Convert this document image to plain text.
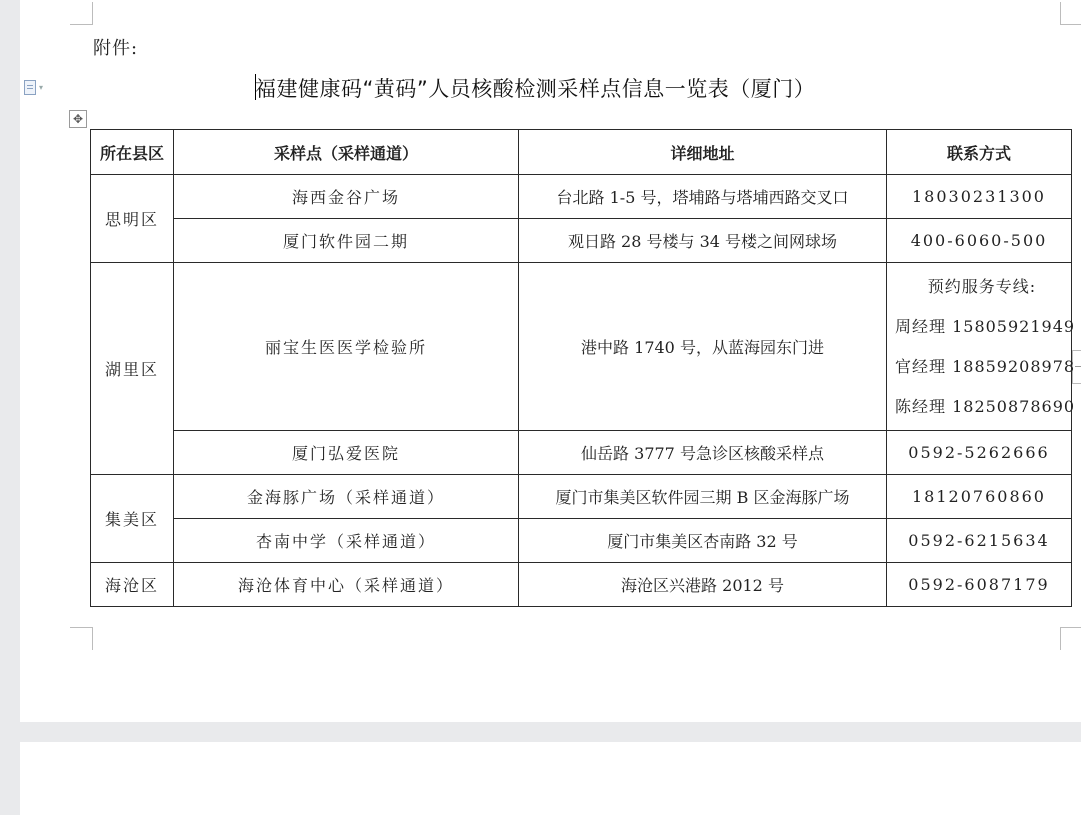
▾
✥
附件:
福建健康码“黄码”人员核酸检测采样点信息一览表（厦门）
所在县区	采样点（采样通道）	详细地址	联系方式
思明区	海西金谷广场	台北路 1-5 号，塔埔路与塔埔西路交叉口	18030231300
	厦门软件园二期	观日路 28 号楼与 34 号楼之间网球场	400-6060-500
湖里区	丽宝生医医学检验所	港中路 1740 号，从蓝海园东门进	预约服务专线:
周经理 15805921949
官经理 18859208978
陈经理 18250878690

	厦门弘爱医院	仙岳路 3777 号急诊区核酸采样点	0592-5262666
集美区	金海豚广场（采样通道）	厦门市集美区软件园三期 B 区金海豚广场	18120760860
	杏南中学（采样通道）	厦门市集美区杏南路 32 号	0592-6215634
海沧区	海沧体育中心（采样通道）	海沧区兴港路 2012 号	0592-6087179
